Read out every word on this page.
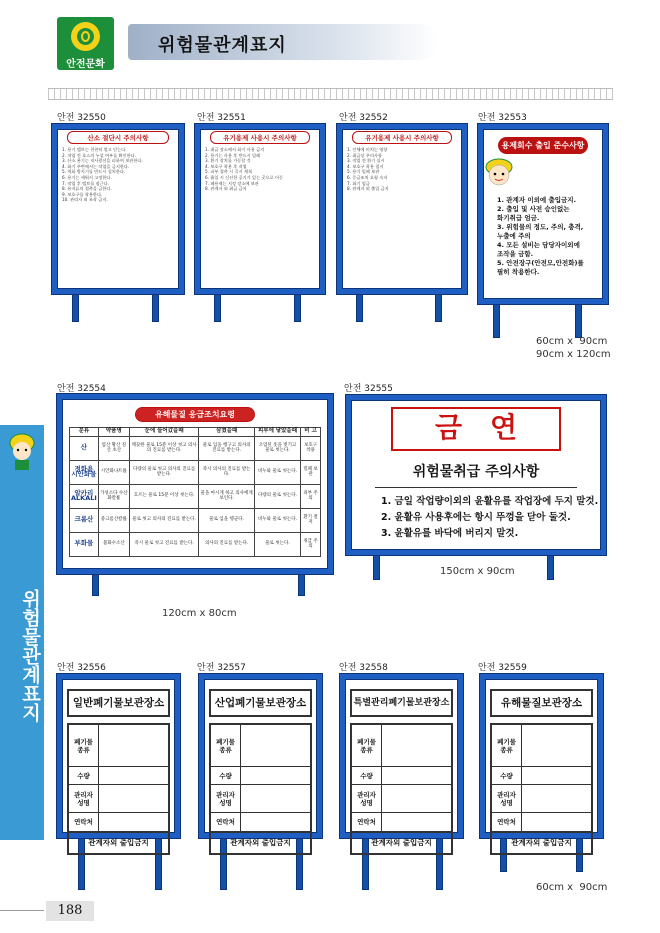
안전문화
위험물관계표지
위험물관계표지
안전 32550	안전 32551	안전 32552	안전 32553
산소 절단시 주의사항
1. 용기 밸브는 천천히 열고 닫는다.
2. 작업 전 호스의 누설 여부를 확인한다.
3. 산소 용기는 직사광선을 피하여 보관한다.
4. 화기 주변에서는 작업을 금지한다.
5. 역화 방지기를 반드시 설치한다.
6. 용기는 세워서 고정한다.
7. 작업 후 밸브를 잠근다.
8. 유지류의 접촉을 금한다.
9. 보호구를 착용한다.
10. 관리자 외 조작 금지.
유기용제 사용시 주의사항
1. 취급 장소에서 화기 사용 금지
2. 용기는 사용 후 반드시 밀폐
3. 환기 장치를 가동할 것
4. 보호구 착용 후 작업
5. 피부 접촉 시 즉시 세척
6. 흡입 시 신선한 공기가 있는 곳으로 이동
7. 폐용제는 지정 장소에 보관
8. 관계자 외 취급 금지
유기용제 사용시 주의사항
1. 인체에 미치는 영향
2. 취급상 주의사항
3. 작업 전 환기 실시
4. 보호구 착용 철저
5. 용기 밀폐 보관
6. 응급조치 요령 숙지
7. 화기 엄금
8. 관계자 외 출입 금지
용제회수 출입 준수사항
1. 관계자 이외에 출입금지.
2. 출입 및 사전 승인없는
화기취급 엄금.
3. 위험물의 정도, 주의, 충격,
누출에 주의
4. 모든 설비는 담당자이외에
조작을 금함.
5. 안전장구(안전모,안전화)를
필히 착용한다.
60cm x  90cm
90cm x 120cm
안전 32554	안전 32555
유해물질 응급조치요령
분류	약품명	눈에 들어갔을때	삼켰을때	피부에 닿았을때	비 고
산	염산 황산 질산 초산	깨끗한 물로 15분 이상 씻고 의사의 진료를 받는다.	물로 입을 헹구고 의사의 진료를 받는다.	오염된 옷을 벗기고 물로 씻는다.	보호구 착용
정화용 시안화물	시안화나트륨	다량의 물로 씻고 의사의 진료를 받는다.	즉시 의사의 진료를 받는다.	비누와 물로 씻는다.	밀폐 보관
알카리 ALKALI	가성소다 수산화칼륨	흐르는 물로 15분 이상 씻는다.	물을 마시게 하고 의사에게 보인다.	다량의 물로 씻는다.	피부 주의
크롬산	중크롬산칼륨	물로 씻고 의사의 진료를 받는다.	물로 입을 헹군다.	비누와 물로 씻는다.	환기 철저
부화물	불화수소산	즉시 물로 씻고 진료를 받는다.	의사의 진료를 받는다.	물로 씻는다.	취급 주의
120cm x 80cm
금연
위험물취급 주의사항
1. 금일 작업량이외의 윤활유를 작업장에 두지 말것.
2. 윤활유 사용후에는 항시 뚜껑을 닫아 둘것.
3. 윤활유를 바닥에 버리지 말것.
150cm x 90cm
안전 32556	안전 32557	안전 32558	안전 32559
일반폐기물보관장소
폐기물
종류
수량
관리자
성명
연락처
관계자외 출입금지
산업폐기물보관장소
폐기물
종류
수량
관리자
성명
연락처
관계자외 출입금지
특별관리폐기물보관장소
폐기물
종류
수량
관리자
성명
연락처
관계자외 출입금지
유해물질보관장소
폐기물
종류
수량
관리자
성명
연락처
관계자외 출입금지
60cm x  90cm
188
